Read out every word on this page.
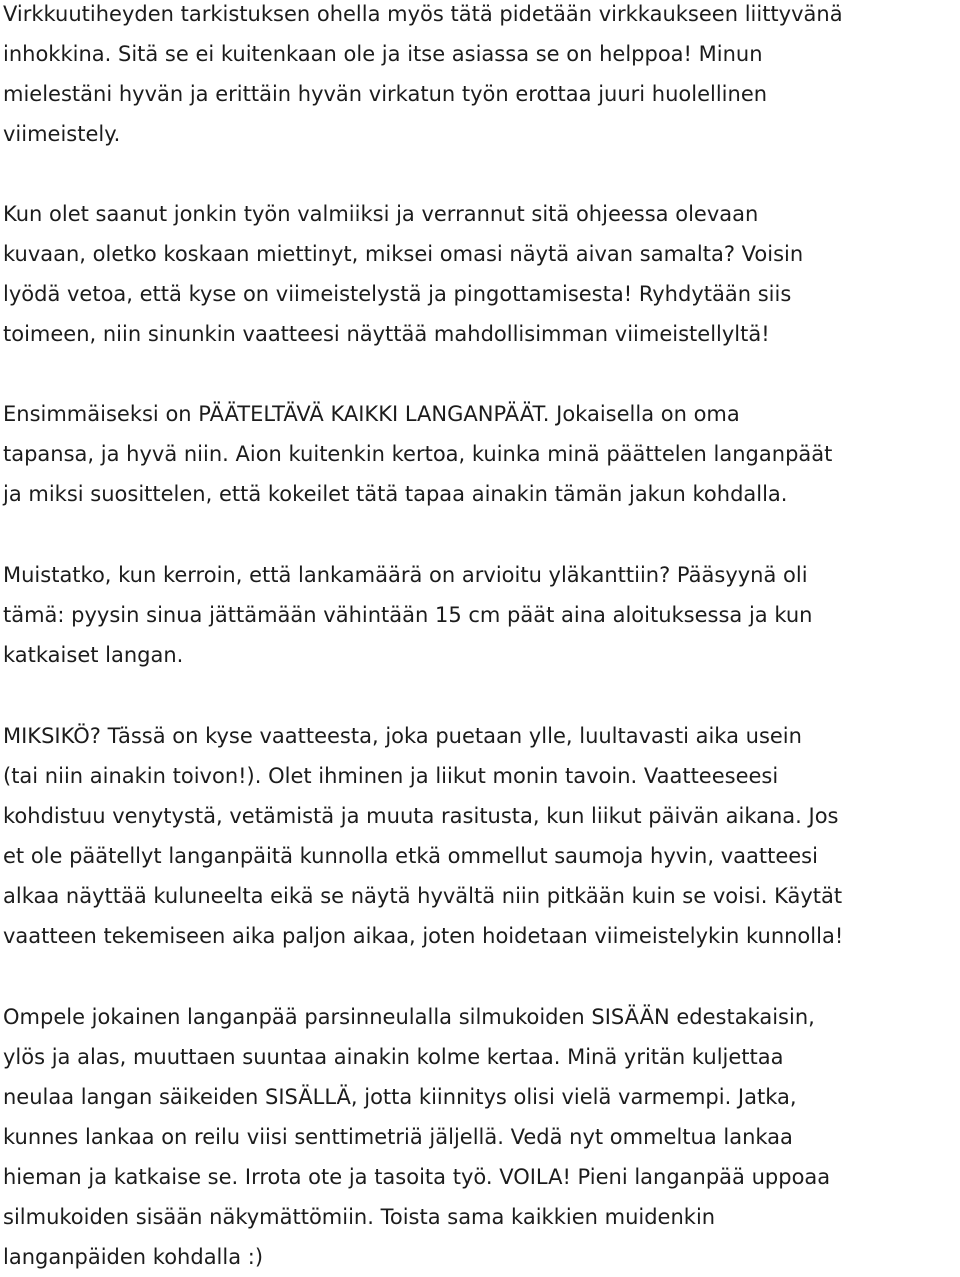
Virkkuutiheyden tarkistuksen ohella myös tätä pidetään virkkaukseen liittyvänä
inhokkina. Sitä se ei kuitenkaan ole ja itse asiassa se on helppoa! Minun
mielestäni hyvän ja erittäin hyvän virkatun työn erottaa juuri huolellinen
viimeistely.
Kun olet saanut jonkin työn valmiiksi ja verrannut sitä ohjeessa olevaan
kuvaan, oletko koskaan miettinyt, miksei omasi näytä aivan samalta? Voisin
lyödä vetoa, että kyse on viimeistelystä ja pingottamisesta! Ryhdytään siis
toimeen, niin sinunkin vaatteesi näyttää mahdollisimman viimeistellyltä!
Ensimmäiseksi on PÄÄTELTÄVÄ KAIKKI LANGANPÄÄT. Jokaisella on oma
tapansa, ja hyvä niin. Aion kuitenkin kertoa, kuinka minä päättelen langanpäät
ja miksi suosittelen, että kokeilet tätä tapaa ainakin tämän jakun kohdalla.
Muistatko, kun kerroin, että lankamäärä on arvioitu yläkanttiin? Pääsyynä oli
tämä: pyysin sinua jättämään vähintään 15 cm päät aina aloituksessa ja kun
katkaiset langan.
MIKSIKÖ? Tässä on kyse vaatteesta, joka puetaan ylle, luultavasti aika usein
(tai niin ainakin toivon!). Olet ihminen ja liikut monin tavoin. Vaatteeseesi
kohdistuu venytystä, vetämistä ja muuta rasitusta, kun liikut päivän aikana. Jos
et ole päätellyt langanpäitä kunnolla etkä ommellut saumoja hyvin, vaatteesi
alkaa näyttää kuluneelta eikä se näytä hyvältä niin pitkään kuin se voisi. Käytät
vaatteen tekemiseen aika paljon aikaa, joten hoidetaan viimeistelykin kunnolla!
Ompele jokainen langanpää parsinneulalla silmukoiden SISÄÄN edestakaisin,
ylös ja alas, muuttaen suuntaa ainakin kolme kertaa. Minä yritän kuljettaa
neulaa langan säikeiden SISÄLLÄ, jotta kiinnitys olisi vielä varmempi. Jatka,
kunnes lankaa on reilu viisi senttimetriä jäljellä. Vedä nyt ommeltua lankaa
hieman ja katkaise se. Irrota ote ja tasoita työ. VOILA! Pieni langanpää uppoaa
silmukoiden sisään näkymättömiin. Toista sama kaikkien muidenkin
langanpäiden kohdalla :)
